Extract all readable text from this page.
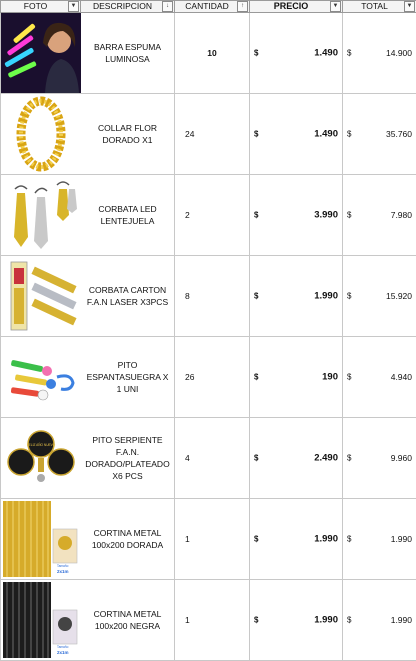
FOTO ▼	DESCRIPCION ↓	CANTIDAD ↑	PRECIO ▼	TOTAL ▼

	BARRA ESPUMA LUMINOSA	10	$ 1.490	$ 14.900

	COLLAR FLOR DORADO X1	24	$ 1.490	$ 35.760

	CORBATA LED LENTEJUELA	2	$ 3.990	$ 7.980

	CORBATA CARTON F.A.N LASER X3PCS	8	$ 1.990	$ 15.920

	PITO ESPANTASUEGRA X 1 UNI	26	$ 190	$ 4.940

FELIZ AÑO NUEVO	PITO SERPIENTE F.A.N. DORADO/PLATEADO X6 PCS	4	$ 2.490	$ 9.960

Tamaño
2x1m	CORTINA METAL 100x200 DORADA	1	$ 1.990	$ 1.990

Tamaño
2x1m	CORTINA METAL 100x200 NEGRA	1	$ 1.990	$ 1.990
